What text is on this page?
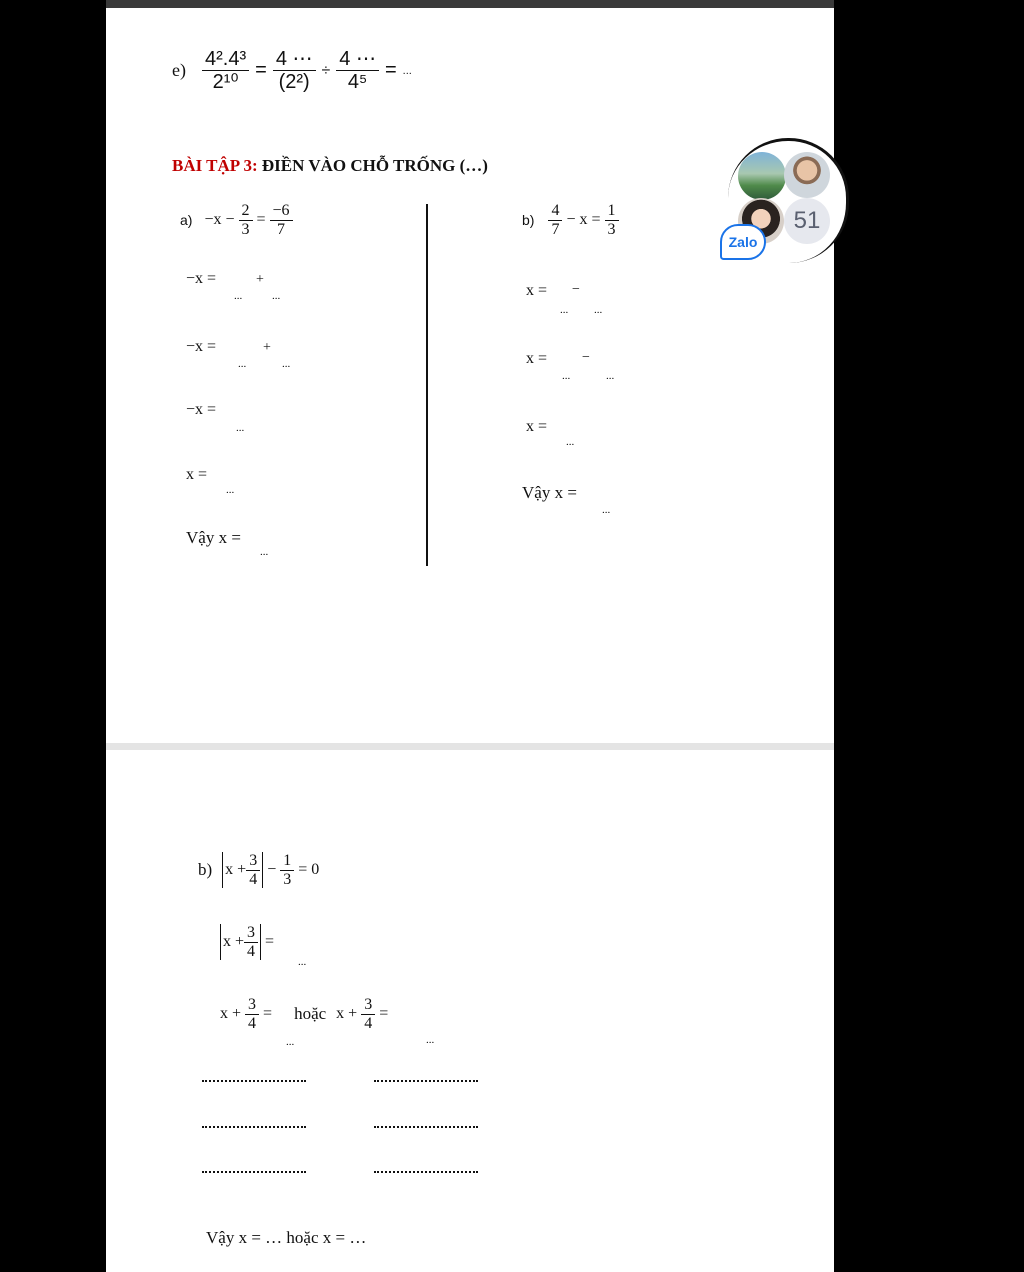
$e) \frac{\text{4².4³}}{\text{2¹⁰}} = \frac{4 \cdots}{\text{(2²)}} \div \frac{4 \cdots}{\text{4⁵}}$ = ...
BÀI TẬP 3: ĐIỀN VÀO CHỖ TRỐNG (…)
$a) -x - \frac{2}{3} = \frac{-6}{7}$
−x =
...
+
...
−x =
...
+
...
−x =
...
x =
...
Vậy x =
...
$b) \frac{4}{7} - x = \frac{1}{3}$
x = −
... ...
x = −
...	...
x =
...
Vậy x =
...
51
Zalo
b) $x + \frac{3}{4} - \frac{1}{3} = 0$
$x + \frac{3}{4}$ =
...
$x + \frac{3}{4}$ = hoặc $x + \frac{3}{4}$ =
...	...
Vậy x = … hoặc x = …
